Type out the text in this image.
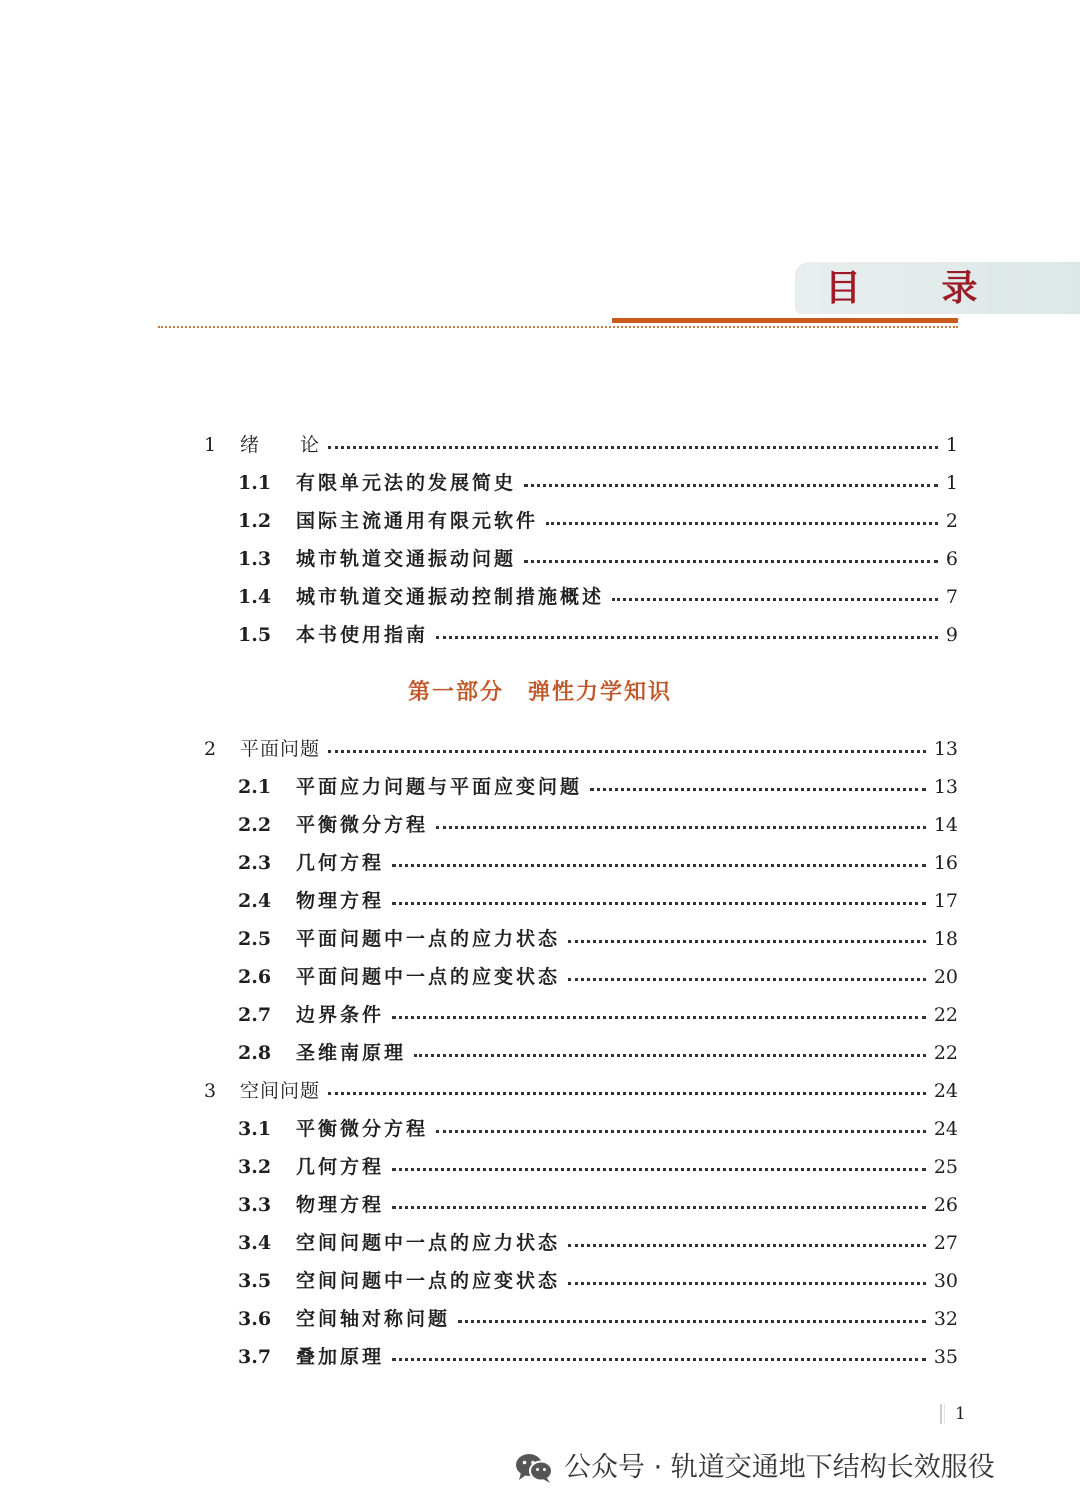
目 录
1	绪　　论	1
1.1	有限单元法的发展简史	1
1.2	国际主流通用有限元软件	2
1.3	城市轨道交通振动问题	6
1.4	城市轨道交通振动控制措施概述	7
1.5	本书使用指南	9
第一部分　弹性力学知识
2	平面问题	13
2.1	平面应力问题与平面应变问题	13
2.2	平衡微分方程	14
2.3	几何方程	16
2.4	物理方程	17
2.5	平面问题中一点的应力状态	18
2.6	平面问题中一点的应变状态	20
2.7	边界条件	22
2.8	圣维南原理	22
3	空间问题	24
3.1	平衡微分方程	24
3.2	几何方程	25
3.3	物理方程	26
3.4	空间问题中一点的应力状态	27
3.5	空间问题中一点的应变状态	30
3.6	空间轴对称问题	32
3.7	叠加原理	35
1
公众号 · 轨道交通地下结构长效服役
